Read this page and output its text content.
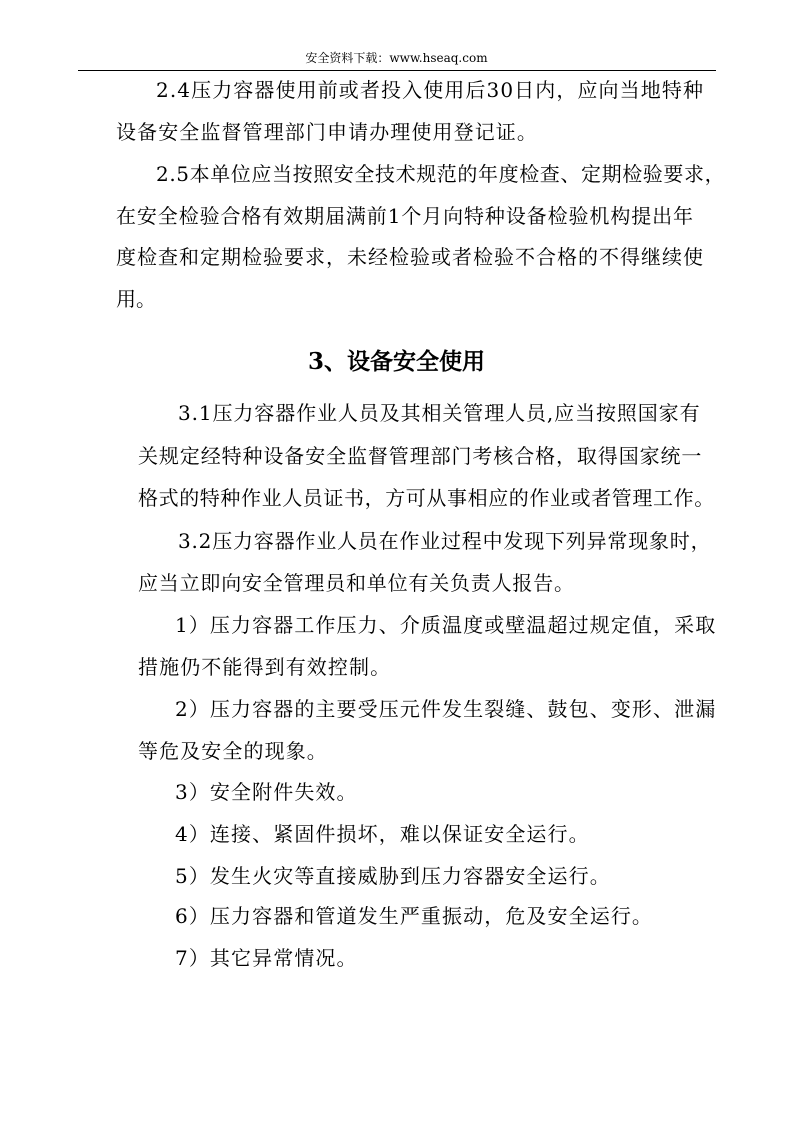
安全资料下载：www.hseaq.com
2.4压力容器使用前或者投入使用后30日内，应向当地特种
设备安全监督管理部门申请办理使用登记证。
2.5本单位应当按照安全技术规范的年度检查、定期检验要求，
在安全检验合格有效期届满前1个月向特种设备检验机构提出年
度检查和定期检验要求，未经检验或者检验不合格的不得继续使
用。
3、设备安全使用
3.1压力容器作业人员及其相关管理人员,应当按照国家有
关规定经特种设备安全监督管理部门考核合格，取得国家统一
格式的特种作业人员证书，方可从事相应的作业或者管理工作。
3.2压力容器作业人员在作业过程中发现下列异常现象时，
应当立即向安全管理员和单位有关负责人报告。
1）压力容器工作压力、介质温度或壁温超过规定值，采取
措施仍不能得到有效控制。
2）压力容器的主要受压元件发生裂缝、鼓包、变形、泄漏
等危及安全的现象。
3）安全附件失效。
4）连接、紧固件损坏，难以保证安全运行。
5）发生火灾等直接威胁到压力容器安全运行。
6）压力容器和管道发生严重振动，危及安全运行。
7）其它异常情况。
